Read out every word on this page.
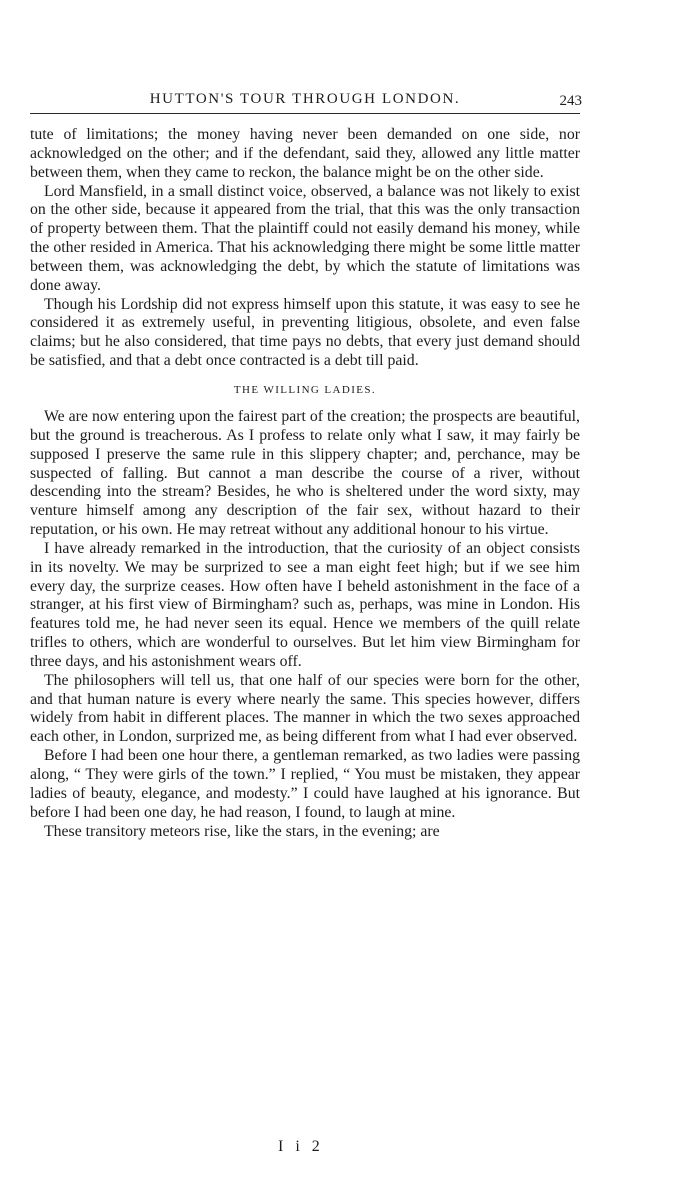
HUTTON'S TOUR THROUGH LONDON.	243

tute of limitations; the money having never been demanded on one side, nor acknowledged on the other; and if the defendant, said they, allowed any little matter between them, when they came to reckon, the balance might be on the other side.

Lord Mansfield, in a small distinct voice, observed, a balance was not likely to exist on the other side, because it appeared from the trial, that this was the only transaction of property between them. That the plaintiff could not easily demand his money, while the other resided in America. That his acknowledging there might be some little matter between them, was acknowledging the debt, by which the statute of limitations was done away.

Though his Lordship did not express himself upon this statute, it was easy to see he considered it as extremely useful, in preventing litigious, obsolete, and even false claims; but he also considered, that time pays no debts, that every just demand should be satisfied, and that a debt once contracted is a debt till paid.

THE WILLING LADIES.

We are now entering upon the fairest part of the creation; the prospects are beautiful, but the ground is treacherous. As I profess to relate only what I saw, it may fairly be supposed I preserve the same rule in this slippery chapter; and, perchance, may be suspected of falling. But cannot a man describe the course of a river, without descending into the stream? Besides, he who is sheltered under the word sixty, may venture himself among any description of the fair sex, without hazard to their reputation, or his own. He may retreat without any additional honour to his virtue.

I have already remarked in the introduction, that the curiosity of an object consists in its novelty. We may be surprized to see a man eight feet high; but if we see him every day, the surprize ceases. How often have I beheld astonishment in the face of a stranger, at his first view of Birmingham? such as, perhaps, was mine in London. His features told me, he had never seen its equal. Hence we members of the quill relate trifles to others, which are wonderful to ourselves. But let him view Birmingham for three days, and his astonishment wears off.

The philosophers will tell us, that one half of our species were born for the other, and that human nature is every where nearly the same. This species however, differs widely from habit in different places. The manner in which the two sexes approached each other, in London, surprized me, as being different from what I had ever observed.

Before I had been one hour there, a gentleman remarked, as two ladies were passing along, “ They were girls of the town.” I replied, “ You must be mistaken, they appear ladies of beauty, elegance, and modesty.” I could have laughed at his ignorance. But before I had been one day, he had reason, I found, to laugh at mine.

These transitory meteors rise, like the stars, in the evening; are

I i 2
